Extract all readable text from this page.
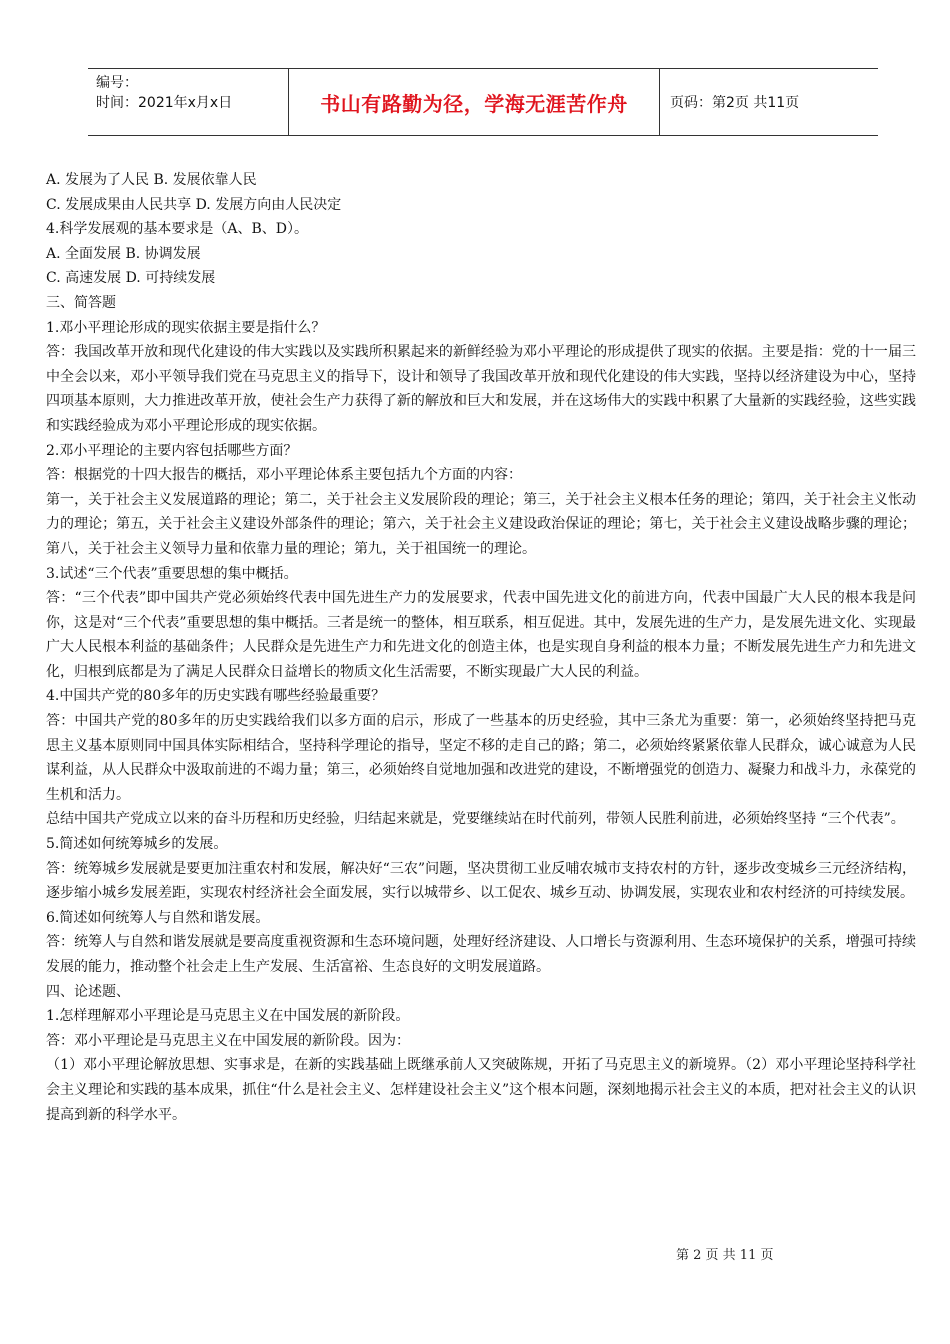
编号：
时间：2021年x月x日	书山有路勤为径，学海无涯苦作舟	页码：第2页 共11页

A. 发展为了人民 B. 发展依靠人民

C. 发展成果由人民共享 D. 发展方向由人民决定

4.科学发展观的基本要求是（A、B、D）。

A. 全面发展 B. 协调发展

C. 高速发展 D. 可持续发展

三、简答题

1.邓小平理论形成的现实依据主要是指什么？

答：我国改革开放和现代化建设的伟大实践以及实践所积累起来的新鲜经验为邓小平理论的形成提供了现实的依据。主要是指：党的十一届三中全会以来，邓小平领导我们党在马克思主义的指导下，设计和领导了我国改革开放和现代化建设的伟大实践，坚持以经济建设为中心，坚持四项基本原则，大力推进改革开放，使社会生产力获得了新的解放和巨大和发展，并在这场伟大的实践中积累了大量新的实践经验，这些实践和实践经验成为邓小平理论形成的现实依据。

2.邓小平理论的主要内容包括哪些方面？

答：根据党的十四大报告的概括，邓小平理论体系主要包括九个方面的内容：

第一，关于社会主义发展道路的理论；第二，关于社会主义发展阶段的理论；第三，关于社会主义根本任务的理论；第四，关于社会主义怅动力的理论；第五，关于社会主义建设外部条件的理论；第六，关于社会主义建设政治保证的理论；第七，关于社会主义建设战略步骤的理论；第八，关于社会主义领导力量和依靠力量的理论；第九，关于祖国统一的理论。

3.试述“三个代表”重要思想的集中概括。

答：“三个代表”即中国共产党必须始终代表中国先进生产力的发展要求，代表中国先进文化的前进方向，代表中国最广大人民的根本我是问你，这是对“三个代表”重要思想的集中概括。三者是统一的整体，相互联系，相互促进。其中，发展先进的生产力，是发展先进文化、实现最广大人民根本利益的基础条件；人民群众是先进生产力和先进文化的创造主体，也是实现自身利益的根本力量；不断发展先进生产力和先进文化，归根到底都是为了满足人民群众日益增长的物质文化生活需要，不断实现最广大人民的利益。

4.中国共产党的80多年的历史实践有哪些经验最重要？

答：中国共产党的80多年的历史实践给我们以多方面的启示，形成了一些基本的历史经验，其中三条尤为重要：第一，必须始终坚持把马克思主义基本原则同中国具体实际相结合，坚持科学理论的指导，坚定不移的走自己的路；第二，必须始终紧紧依靠人民群众，诚心诚意为人民谋利益，从人民群众中汲取前进的不竭力量；第三，必须始终自觉地加强和改进党的建设，不断增强党的创造力、凝聚力和战斗力，永葆党的生机和活力。

总结中国共产党成立以来的奋斗历程和历史经验，归结起来就是，党要继续站在时代前列，带领人民胜利前进，必须始终坚持 “三个代表”。

5.简述如何统筹城乡的发展。

答：统筹城乡发展就是要更加注重农村和发展，解决好“三农”问题，坚决贯彻工业反哺农城市支持农村的方针，逐步改变城乡三元经济结构，逐步缩小城乡发展差距，实现农村经济社会全面发展，实行以城带乡、以工促农、城乡互动、协调发展，实现农业和农村经济的可持续发展。

6.简述如何统筹人与自然和谐发展。

答：统筹人与自然和谐发展就是要高度重视资源和生态环境问题，处理好经济建设、人口增长与资源利用、生态环境保护的关系，增强可持续发展的能力，推动整个社会走上生产发展、生活富裕、生态良好的文明发展道路。

四、论述题、

1.怎样理解邓小平理论是马克思主义在中国发展的新阶段。

答：邓小平理论是马克思主义在中国发展的新阶段。因为：

（1）邓小平理论解放思想、实事求是，在新的实践基础上既继承前人又突破陈规，开拓了马克思主义的新境界。（2）邓小平理论坚持科学社会主义理论和实践的基本成果，抓住“什么是社会主义、怎样建设社会主义”这个根本问题，深刻地揭示社会主义的本质，把对社会主义的认识提高到新的科学水平。

第 2 页 共 11 页
